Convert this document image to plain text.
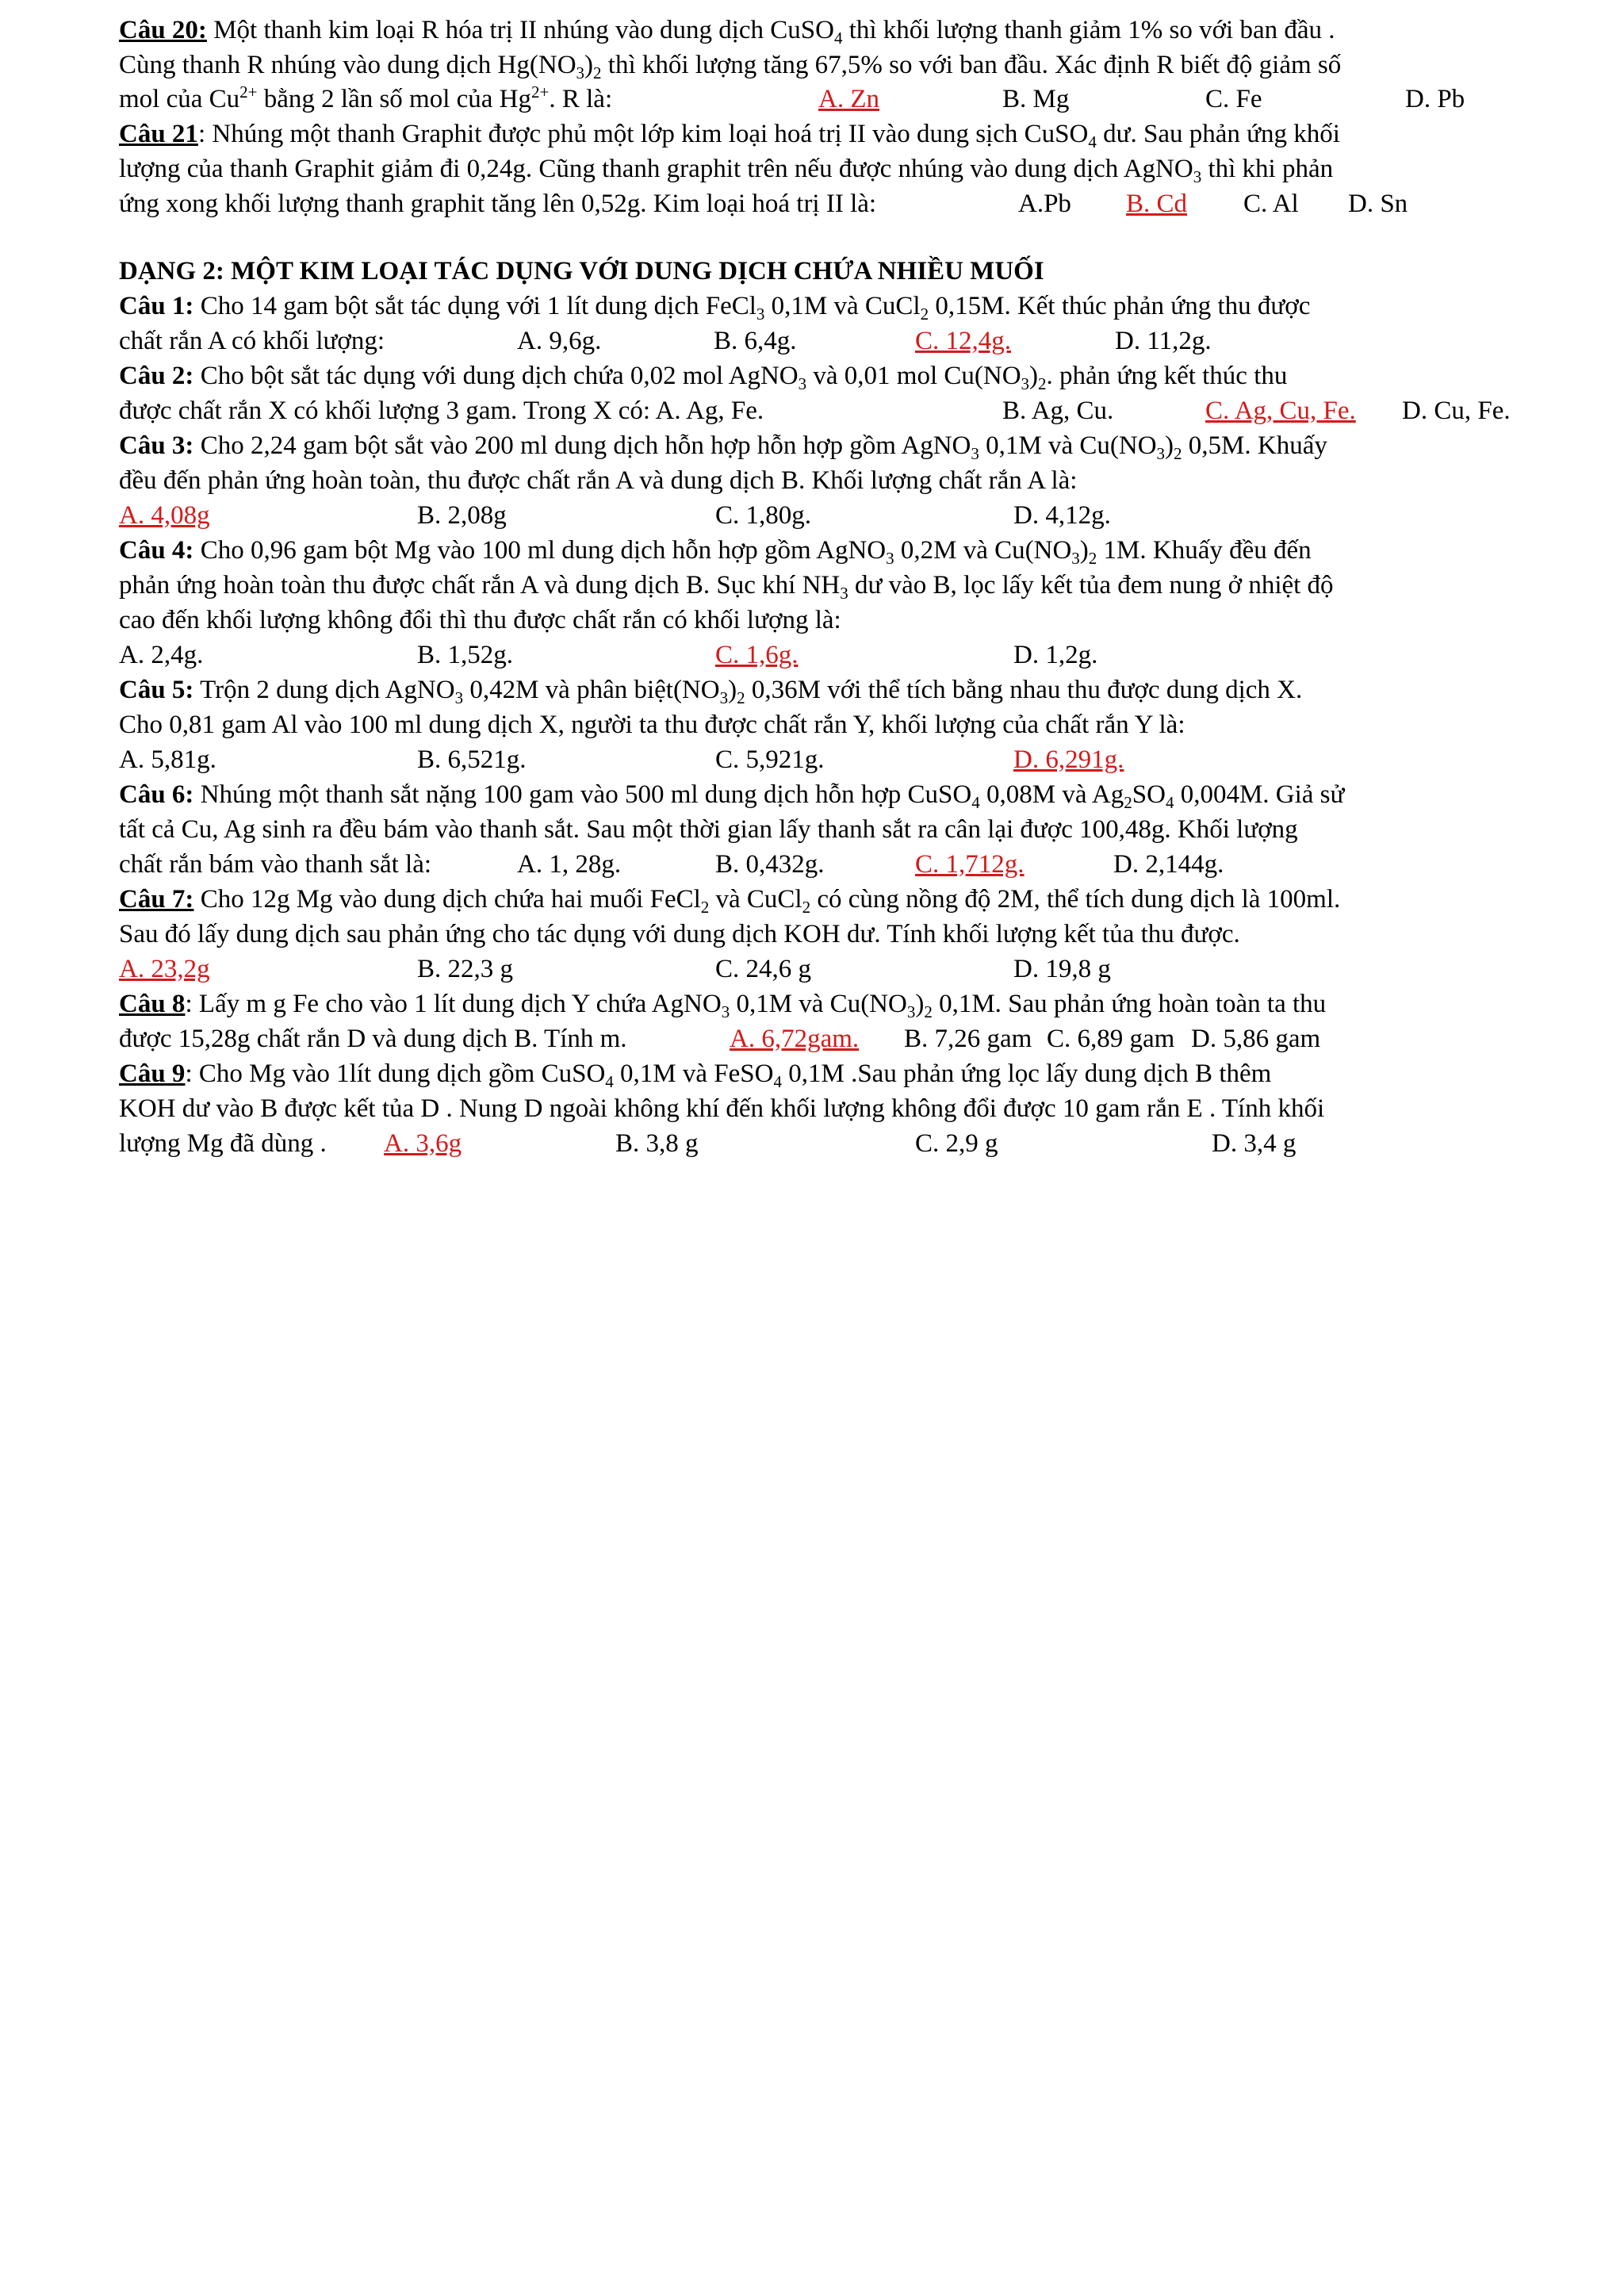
Câu 20: Một thanh kim loại R hóa trị II nhúng vào dung dịch CuSO$_4$ thì khối lượng thanh giảm 1% so với ban đầu .
Cùng thanh R nhúng vào dung dịch $Hg(NO_3)_2$ thì khối lượng tăng 67,5% so với ban đầu. Xác định R biết độ giảm số
mol của $Cu^{2+}$ bằng 2 lần số mol của $Hg^{2+}$. R là:	A. Zn	B. Mg	C. Fe	D. Pb
Câu 21: Nhúng một thanh Graphit được phủ một lớp kim loại hoá trị II vào dung sịch CuSO$_4$ dư. Sau phản ứng khối
lượng của thanh Graphit giảm đi 0,24g. Cũng thanh graphit trên nếu được nhúng vào dung dịch AgNO$_3$ thì khi phản
ứng xong khối lượng thanh graphit tăng lên 0,52g. Kim loại hoá trị II là:	A.Pb B. Cd C. Al D. Sn
DẠNG 2: MỘT KIM LOẠI TÁC DỤNG VỚI DUNG DỊCH CHỨA NHIỀU MUỐI
Câu 1: Cho 14 gam bột sắt tác dụng với 1 lít dung dịch FeCl$_3$ 0,1M và CuCl$_2$ 0,15M. Kết thúc phản ứng thu được
chất rắn A có khối lượng:	A. 9,6g.	B. 6,4g.	C. 12,4g.	D. 11,2g.
Câu 2: Cho bột sắt tác dụng với dung dịch chứa 0,02 mol AgNO$_3$ và 0,01 mol $Cu(NO_3)_2$. phản ứng kết thúc thu
được chất rắn X có khối lượng 3 gam. Trong X có: A. Ag, Fe.	B. Ag, Cu.	C. Ag, Cu, Fe. D. Cu, Fe.
Câu 3: Cho 2,24 gam bột sắt vào 200 ml dung dịch hỗn hợp hỗn hợp gồm AgNO$_3$ 0,1M và $Cu(NO_3)_2$ 0,5M. Khuấy
đều đến phản ứng hoàn toàn, thu được chất rắn A và dung dịch B. Khối lượng chất rắn A là:
A. 4,08g	B. 2,08g	C. 1,80g.	D. 4,12g.
Câu 4: Cho 0,96 gam bột Mg vào 100 ml dung dịch hỗn hợp gồm AgNO$_3$ 0,2M và $Cu(NO_3)_2$ 1M. Khuấy đều đến
phản ứng hoàn toàn thu được chất rắn A và dung dịch B. Sục khí $NH_3$ dư vào B, lọc lấy kết tủa đem nung ở nhiệt độ
cao đến khối lượng không đổi thì thu được chất rắn có khối lượng là:
A. 2,4g.	B. 1,52g.	C. 1,6g.	D. 1,2g.
Câu 5: Trộn 2 dung dịch AgNO$_3$ 0,42M và phân $biệt(NO_3)_2$ 0,36M với thể tích bằng nhau thu được dung dịch X.
Cho 0,81 gam Al vào 100 ml dung dịch X, người ta thu được chất rắn Y, khối lượng của chất rắn Y là:
A. 5,81g.	B. 6,521g.	C. 5,921g.	D. 6,291g.
Câu 6: Nhúng một thanh sắt nặng 100 gam vào 500 ml dung dịch hỗn hợp CuSO$_4$ 0,08M và $Ag_2SO_4$ 0,004M. Giả sử
tất cả Cu, Ag sinh ra đều bám vào thanh sắt. Sau một thời gian lấy thanh sắt ra cân lại được 100,48g. Khối lượng
chất rắn bám vào thanh sắt là:	A. 1, 28g.	B. 0,432g.	C. 1,712g.	D. 2,144g.
Câu 7: Cho 12g Mg vào dung dịch chứa hai muối FeCl$_2$ và CuCl$_2$ có cùng nồng độ 2M, thể tích dung dịch là 100ml.
Sau đó lấy dung dịch sau phản ứng cho tác dụng với dung dịch KOH dư. Tính khối lượng kết tủa thu được.
A. 23,2g	B. 22,3 g	C. 24,6 g	D. 19,8 g
Câu 8: Lấy m g Fe cho vào 1 lít dung dịch Y chứa AgNO$_3$ 0,1M và $Cu(NO_3)_2$ 0,1M. Sau phản ứng hoàn toàn ta thu
được 15,28g chất rắn D và dung dịch B. Tính m.	A. 6,72gam. B. 7,26 gam C. 6,89 gam D. 5,86 gam
Câu 9: Cho Mg vào 1lít dung dịch gồm CuSO$_4$ 0,1M và FeSO$_4$ 0,1M .Sau phản ứng lọc lấy dung dịch B thêm
KOH dư vào B được kết tủa D . Nung D ngoài không khí đến khối lượng không đổi được 10 gam rắn E . Tính khối
lượng Mg đã dùng . A. 3,6g	B. 3,8 g	C. 2,9 g	D. 3,4 g
